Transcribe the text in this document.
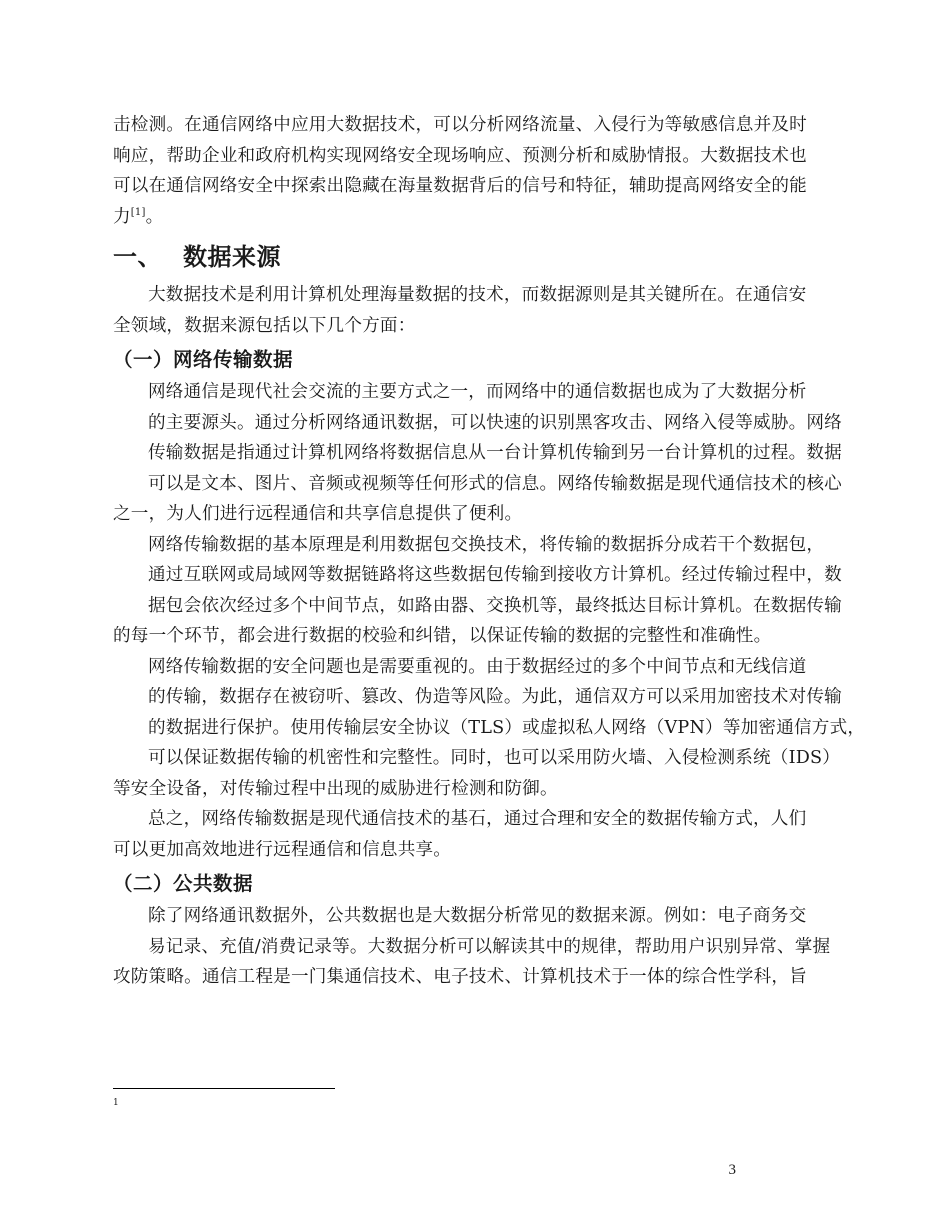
击检测。在通信网络中应用大数据技术，可以分析网络流量、入侵行为等敏感信息并及时
响应，帮助企业和政府机构实现网络安全现场响应、预测分析和威胁情报。大数据技术也
可以在通信网络安全中探索出隐藏在海量数据背后的信号和特征，辅助提高网络安全的能
力[1]。

一、 数据来源

大数据技术是利用计算机处理海量数据的技术，而数据源则是其关键所在。在通信安
全领域，数据来源包括以下几个方面：

（一）网络传输数据

网络通信是现代社会交流的主要方式之一，而网络中的通信数据也成为了大数据分析
的主要源头。通过分析网络通讯数据，可以快速的识别黑客攻击、网络入侵等威胁。网络
传输数据是指通过计算机网络将数据信息从一台计算机传输到另一台计算机的过程。数据
可以是文本、图片、音频或视频等任何形式的信息。网络传输数据是现代通信技术的核心
之一，为人们进行远程通信和共享信息提供了便利。

网络传输数据的基本原理是利用数据包交换技术，将传输的数据拆分成若干个数据包，
通过互联网或局域网等数据链路将这些数据包传输到接收方计算机。经过传输过程中，数
据包会依次经过多个中间节点，如路由器、交换机等，最终抵达目标计算机。在数据传输
的每一个环节，都会进行数据的校验和纠错，以保证传输的数据的完整性和准确性。

网络传输数据的安全问题也是需要重视的。由于数据经过的多个中间节点和无线信道
的传输，数据存在被窃听、篡改、伪造等风险。为此，通信双方可以采用加密技术对传输
的数据进行保护。使用传输层安全协议（TLS）或虚拟私人网络（VPN）等加密通信方式，
可以保证数据传输的机密性和完整性。同时，也可以采用防火墙、入侵检测系统（IDS）
等安全设备，对传输过程中出现的威胁进行检测和防御。

总之，网络传输数据是现代通信技术的基石，通过合理和安全的数据传输方式，人们
可以更加高效地进行远程通信和信息共享。

（二）公共数据

除了网络通讯数据外，公共数据也是大数据分析常见的数据来源。例如：电子商务交
易记录、充值/消费记录等。大数据分析可以解读其中的规律，帮助用户识别异常、掌握
攻防策略。通信工程是一门集通信技术、电子技术、计算机技术于一体的综合性学科，旨

1
3
